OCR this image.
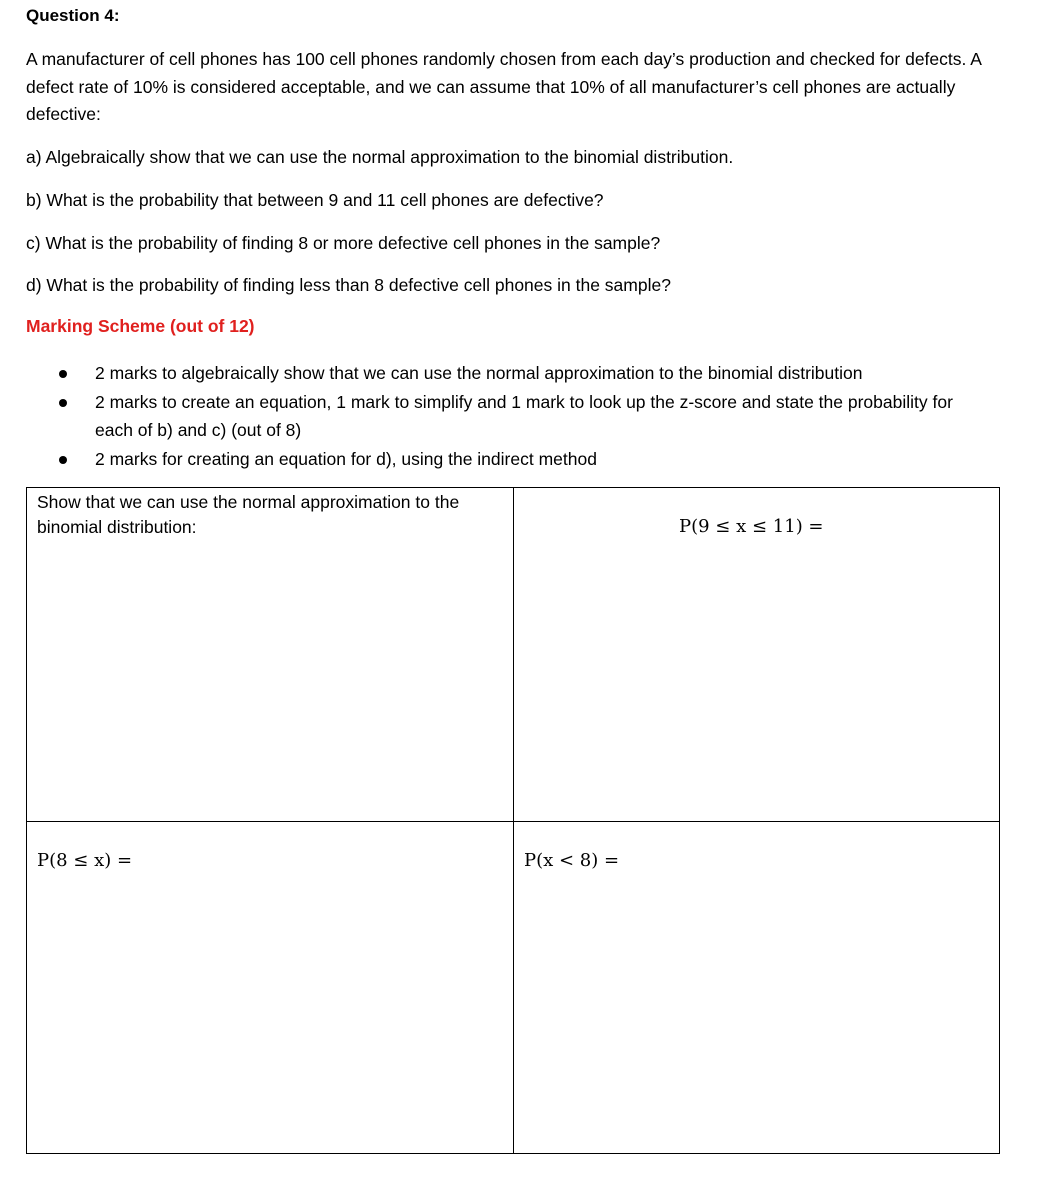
Question 4:
A manufacturer of cell phones has 100 cell phones randomly chosen from each day’s production and checked for defects. A defect rate of 10% is considered acceptable, and we can assume that 10% of all manufacturer’s cell phones are actually defective:
a) Algebraically show that we can use the normal approximation to the binomial distribution.
b) What is the probability that between 9 and 11 cell phones are defective?
c) What is the probability of finding 8 or more defective cell phones in the sample?
d) What is the probability of finding less than 8 defective cell phones in the sample?
Marking Scheme (out of 12)
2 marks to algebraically show that we can use the normal approximation to the binomial distribution
2 marks to create an equation, 1 mark to simplify and 1 mark to look up the z-score and state the probability for each of b) and c) (out of 8)
2 marks for creating an equation for d), using the indirect method
Show that we can use the normal approximation to the binomial distribution:	P(9 ≤ x ≤ 11) =
P(8 ≤ x) =	P(x < 8) =
